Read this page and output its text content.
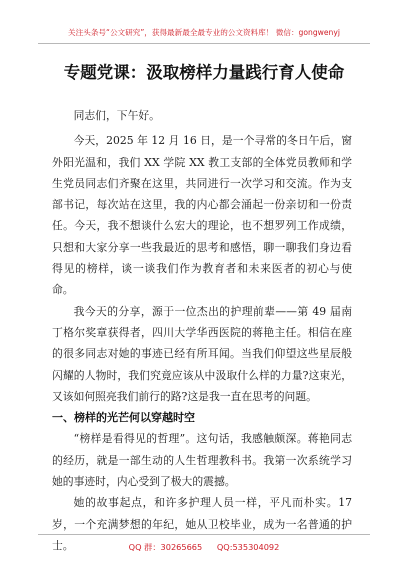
关注头条号“公文研究”，获得最新最全最专业的公文资料库！ 微信：gongwenyj
专题党课：汲取榜样力量践行育人使命

同志们，下午好。

今天，2025 年 12 月 16 日，是一个寻常的冬日午后，窗外阳光温和，我们 XX 学院 XX 教工支部的全体党员教师和学生党员同志们齐聚在这里，共同进行一次学习和交流。作为支部书记，每次站在这里，我的内心都会涌起一份亲切和一份责任。今天，我不想谈什么宏大的理论，也不想罗列工作成绩，只想和大家分享一些我最近的思考和感悟，聊一聊我们身边看得见的榜样，谈一谈我们作为教育者和未来医者的初心与使命。

我今天的分享，源于一位杰出的护理前辈——第 49 届南丁格尔奖章获得者，四川大学华西医院的蒋艳主任。相信在座的很多同志对她的事迹已经有所耳闻。当我们仰望这些星辰般闪耀的人物时，我们究竟应该从中汲取什么样的力量?这束光，又该如何照亮我们前行的路?这是我一直在思考的问题。

一、榜样的光芒何以穿越时空

“榜样是看得见的哲理”。这句话，我感触颇深。蒋艳同志的经历，就是一部生动的人生哲理教科书。我第一次系统学习她的事迹时，内心受到了极大的震撼。

她的故事起点，和许多护理人员一样，平凡而朴实。17 岁，一个充满梦想的年纪，她从卫校毕业，成为一名普通的护士。	QQ 群：30265665 QQ:535304092
